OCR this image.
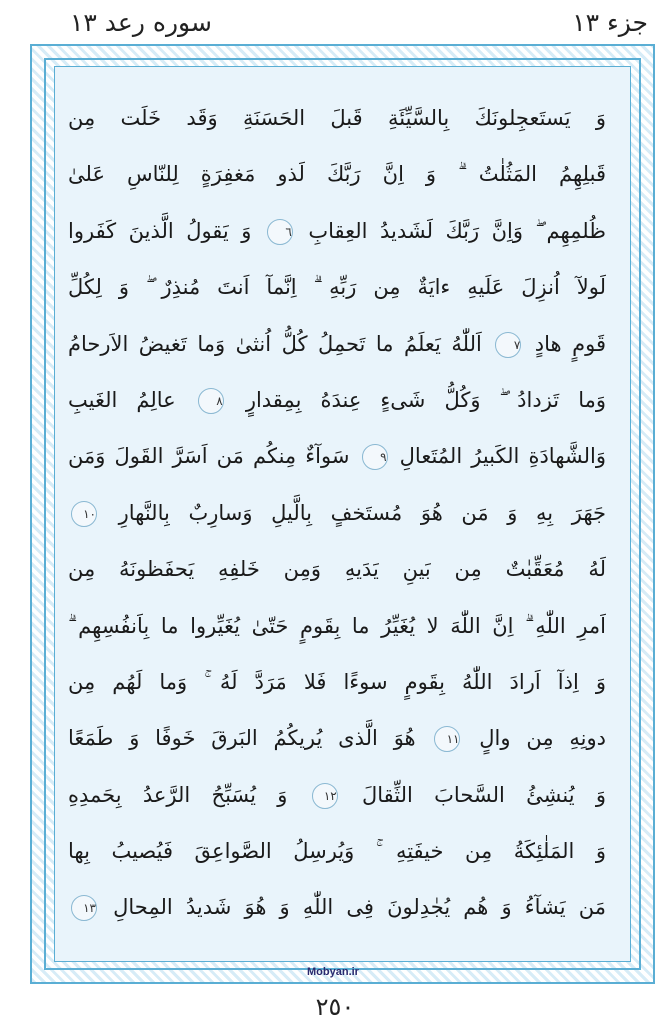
جزء ١٣
سوره رعد ١٣
وَ يَستَعجِلونَكَ بِالسَّيِّئَةِ قَبلَ الحَسَنَةِ وَقَد خَلَت مِن
قَبلِهِمُ المَثُلٰتُ ۗ وَ اِنَّ رَبَّكَ لَذو مَغفِرَةٍ لِلنّاسِ عَلىٰ
ظُلمِهِم ۖ وَاِنَّ رَبَّكَ لَشَديدُ العِقابِ ٦ وَ يَقولُ الَّذينَ كَفَروا
لَولآ اُنزِلَ عَلَيهِ ءايَةٌ مِن رَبِّهِ ۗ اِنَّمآ اَنتَ مُنذِرٌ ۖ وَ لِكُلِّ
قَومٍ هادٍ ٧ اَللّٰهُ يَعلَمُ ما تَحمِلُ كُلُّ اُنثىٰ وَما تَغيضُ الاَرحامُ
وَما تَزدادُ ۖ وَكُلُّ شَىءٍ عِندَهُ بِمِقدارٍ ٨ عالِمُ الغَيبِ
وَالشَّهادَةِ الكَبيرُ المُتَعالِ ٩ سَوآءٌ مِنكُم مَن اَسَرَّ القَولَ وَمَن
جَهَرَ بِهِ وَ مَن هُوَ مُستَخفٍ بِالَّيلِ وَسارِبٌ بِالنَّهارِ ١٠
لَهُ مُعَقِّبٰتٌ مِن بَينِ يَدَيهِ وَمِن خَلفِهِ يَحفَظونَهُ مِن
اَمرِ اللّٰهِ ۗ اِنَّ اللّٰهَ لا يُغَيِّرُ ما بِقَومٍ حَتّىٰ يُغَيِّروا ما بِاَنفُسِهِم ۗ
وَ اِذآ اَرادَ اللّٰهُ بِقَومٍ سوءًا فَلا مَرَدَّ لَهُ ۚ وَما لَهُم مِن
دونِهِ مِن والٍ ١١ هُوَ الَّذى يُريكُمُ البَرقَ خَوفًا وَ طَمَعًا
وَ يُنشِئُ السَّحابَ الثِّقالَ ١٢ وَ يُسَبِّحُ الرَّعدُ بِحَمدِهِ
وَ المَلٰئِكَةُ مِن خيفَتِهِ ۚ وَيُرسِلُ الصَّواعِقَ فَيُصيبُ بِها
مَن يَشآءُ وَ هُم يُجٰدِلونَ فِى اللّٰهِ وَ هُوَ شَديدُ المِحالِ ١٣
Mobyan.ir
٢٥٠
